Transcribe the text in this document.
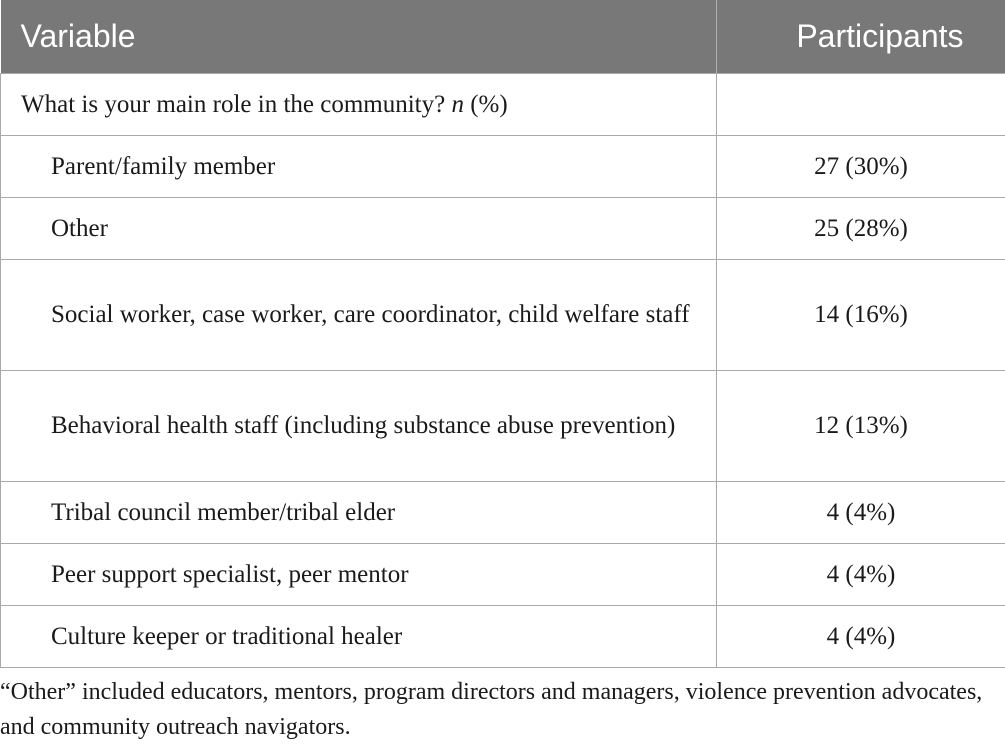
Variable	Participants
What is your main role in the community? n (%)	
Parent/family member	27 (30%)
Other	25 (28%)
Social worker, case worker, care coordinator, child welfare staff	14 (16%)
Behavioral health staff (including substance abuse prevention)	12 (13%)
Tribal council member/tribal elder	4 (4%)
Peer support specialist, peer mentor	4 (4%)
Culture keeper or traditional healer	4 (4%)

“Other” included educators, mentors, program directors and managers, violence prevention advocates, and community outreach navigators.
